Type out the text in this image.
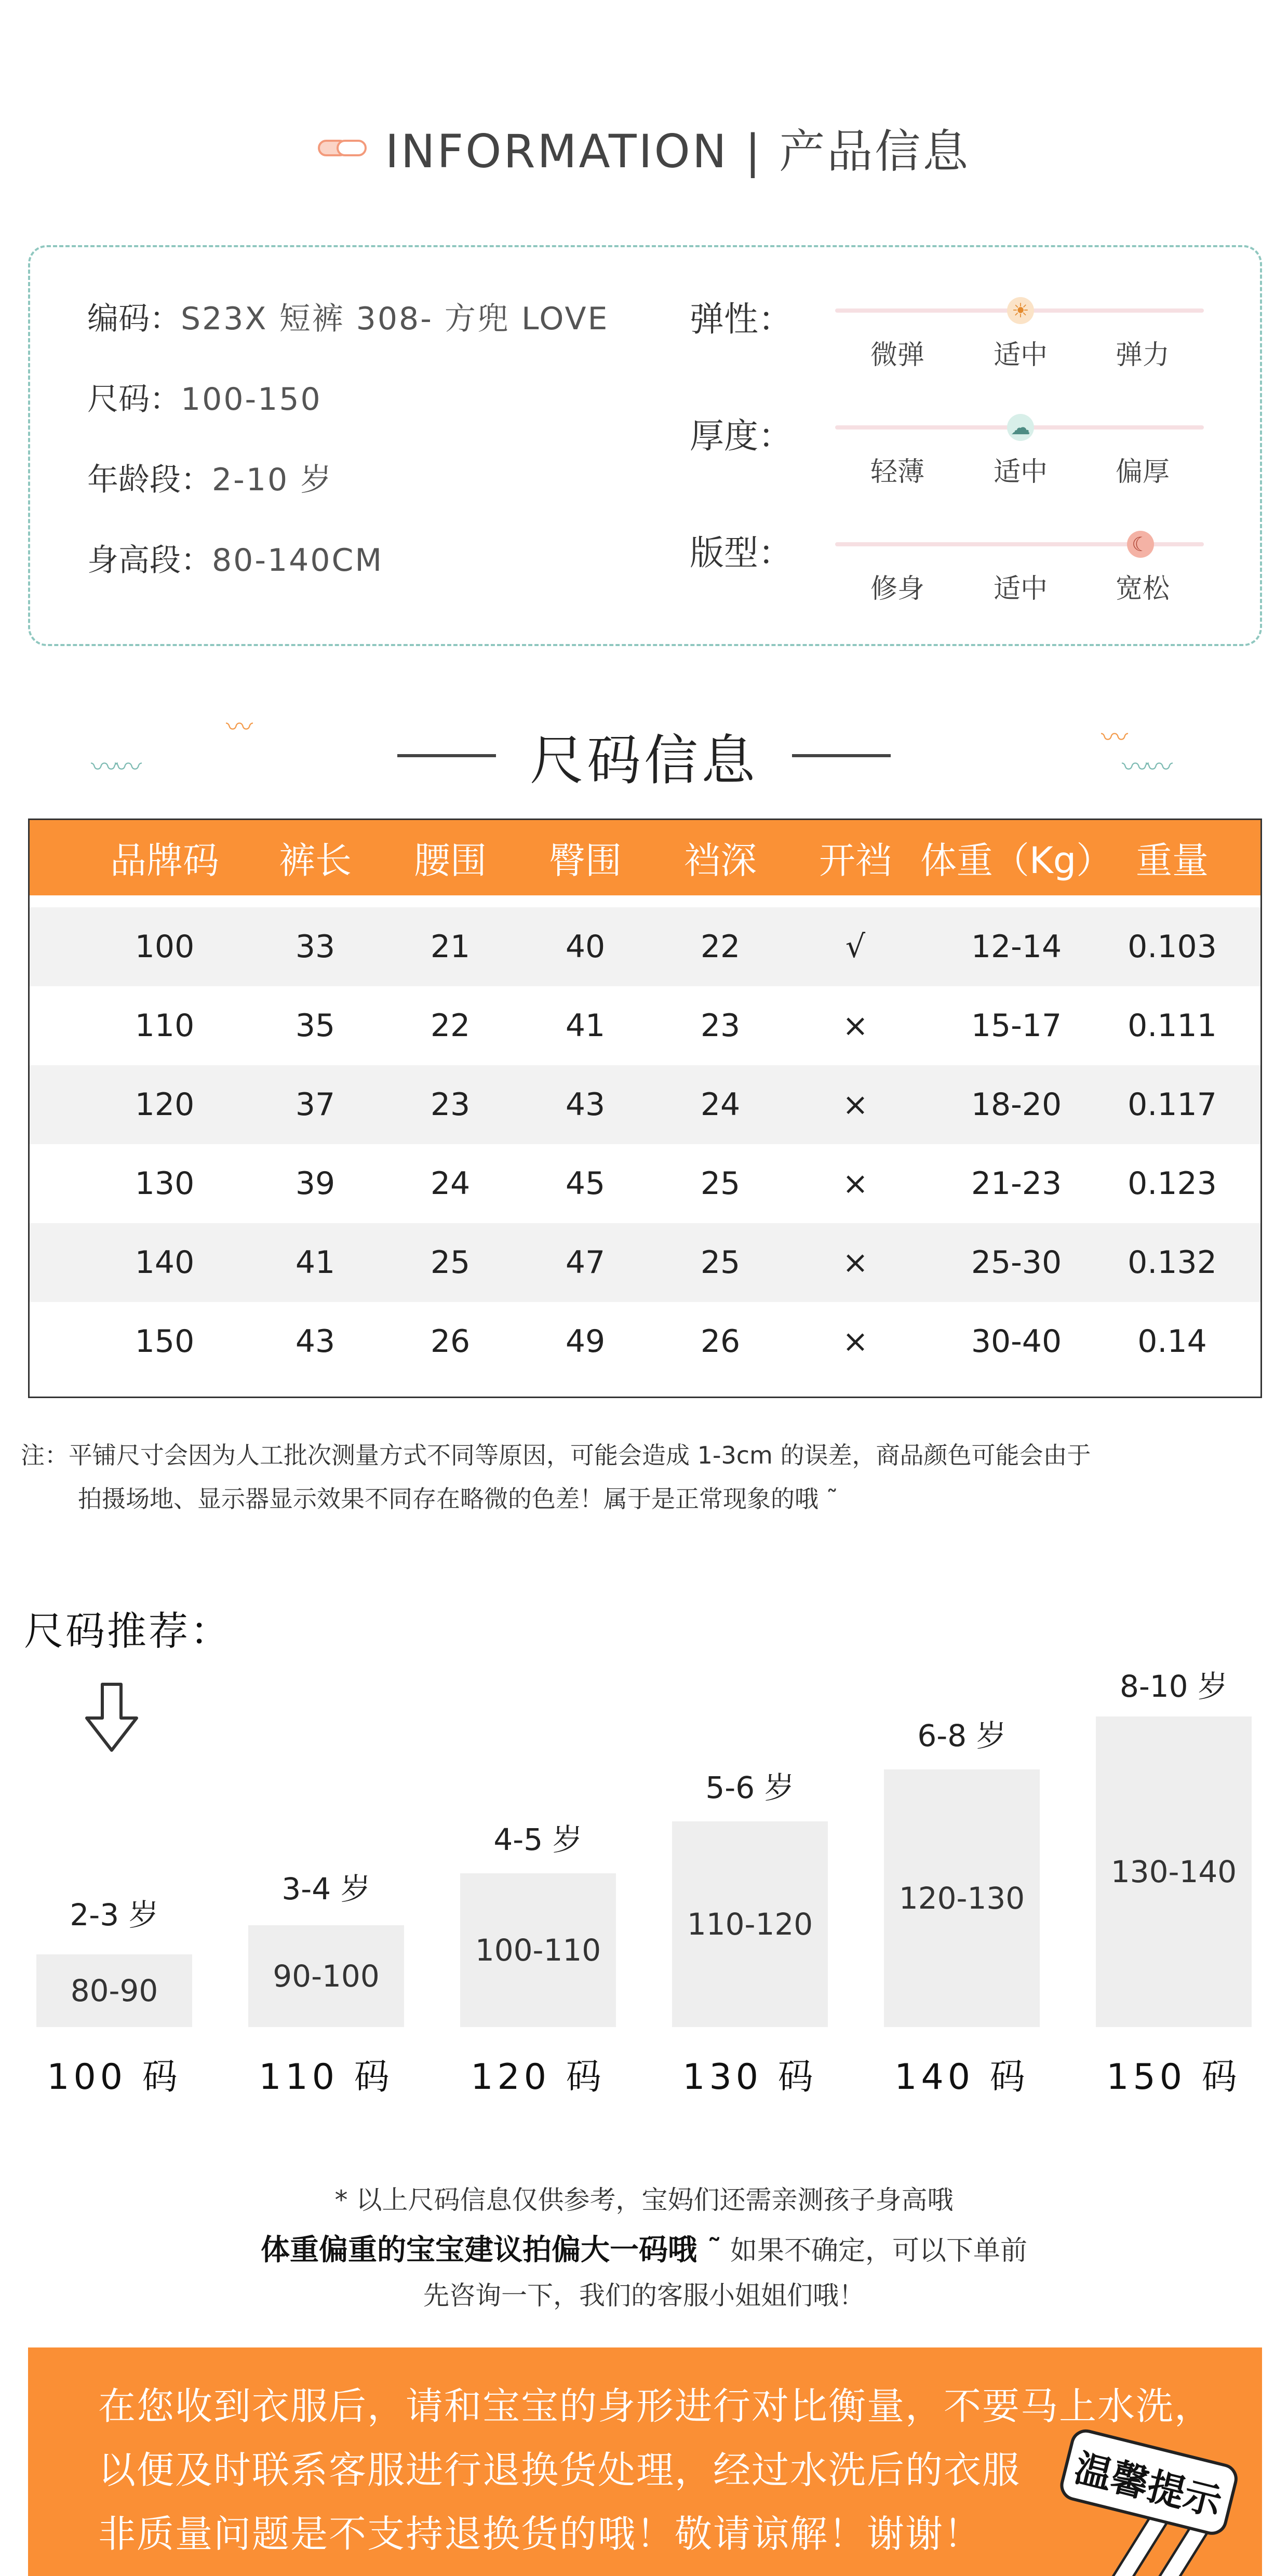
INFORMATION | 产品信息
编码：S23X 短裤 308- 方兜 LOVE
尺码：100-150
年龄段：2-10 岁
身高段：80-140CM
弹性：	☀
微弹	适中	弹力
厚度：	☁
轻薄	适中	偏厚
版型：	☾
修身	适中	宽松
〰
〰〰	尺码信息	〰
〰〰
品牌码	裤长	腰围	臀围	裆深	开裆 体重（Kg） 重量
100	33	21	40	22	√	12-14	0.103
110	35	22	41	23	×	15-17	0.111
120	37	23	43	24	×	18-20	0.117
130	39	24	45	25	×	21-23	0.123
140	41	25	47	25	×	25-30	0.132
150	43	26	49	26	×	30-40	0.14
注：平铺尺寸会因为人工批次测量方式不同等原因，可能会造成 1-3cm 的误差，商品颜色可能会由于
拍摄场地、显示器显示效果不同存在略微的色差！属于是正常现象的哦 ˜
尺码推荐：
2-3 岁
80-90
100 码
3-4 岁
90-100
110 码
4-5 岁
100-110
120 码
5-6 岁
110-120
130 码
6-8 岁
120-130
140 码
8-10 岁
130-140
150 码
* 以上尺码信息仅供参考，宝妈们还需亲测孩子身高哦
体重偏重的宝宝建议拍偏大一码哦 ˜ 如果不确定，可以下单前
先咨询一下，我们的客服小姐姐们哦！
在您收到衣服后，请和宝宝的身形进行对比衡量，不要马上水洗，
以便及时联系客服进行退换货处理，经过水洗后的衣服
非质量问题是不支持退换货的哦！敬请谅解！谢谢！
温馨提示
